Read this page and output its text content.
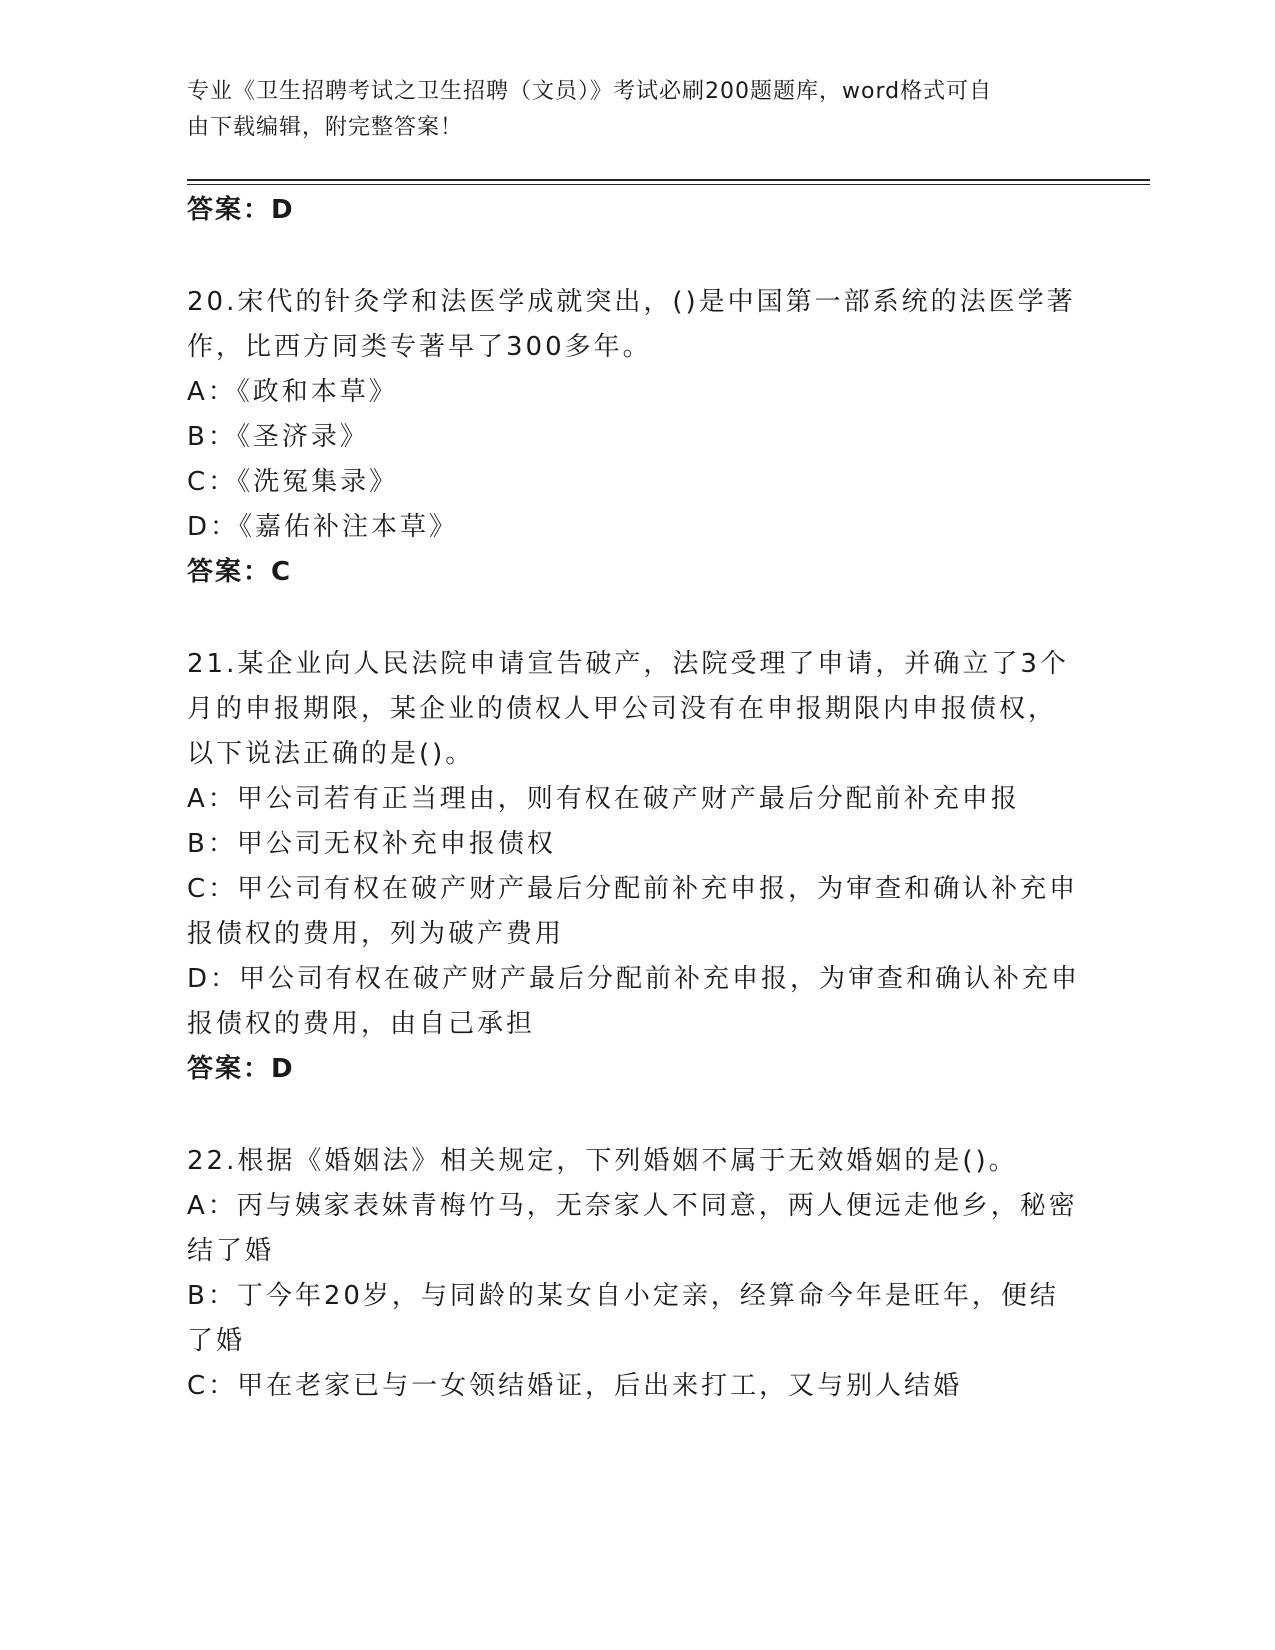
专业《卫生招聘考试之卫生招聘（文员）》考试必刷200题题库，word格式可自
由下载编辑，附完整答案！
答案：D
20.宋代的针灸学和法医学成就突出，()是中国第一部系统的法医学著
作，比西方同类专著早了300多年。
A：《政和本草》
B：《圣济录》
C：《洗冤集录》
D：《嘉佑补注本草》
答案：C
21.某企业向人民法院申请宣告破产，法院受理了申请，并确立了3个
月的申报期限，某企业的债权人甲公司没有在申报期限内申报债权，
以下说法正确的是()。
A：甲公司若有正当理由，则有权在破产财产最后分配前补充申报
B：甲公司无权补充申报债权
C：甲公司有权在破产财产最后分配前补充申报，为审查和确认补充申
报债权的费用，列为破产费用
D：甲公司有权在破产财产最后分配前补充申报，为审查和确认补充申
报债权的费用，由自己承担
答案：D
22.根据《婚姻法》相关规定，下列婚姻不属于无效婚姻的是()。
A：丙与姨家表妹青梅竹马，无奈家人不同意，两人便远走他乡，秘密
结了婚
B：丁今年20岁，与同龄的某女自小定亲，经算命今年是旺年，便结
了婚
C：甲在老家已与一女领结婚证，后出来打工，又与别人结婚
